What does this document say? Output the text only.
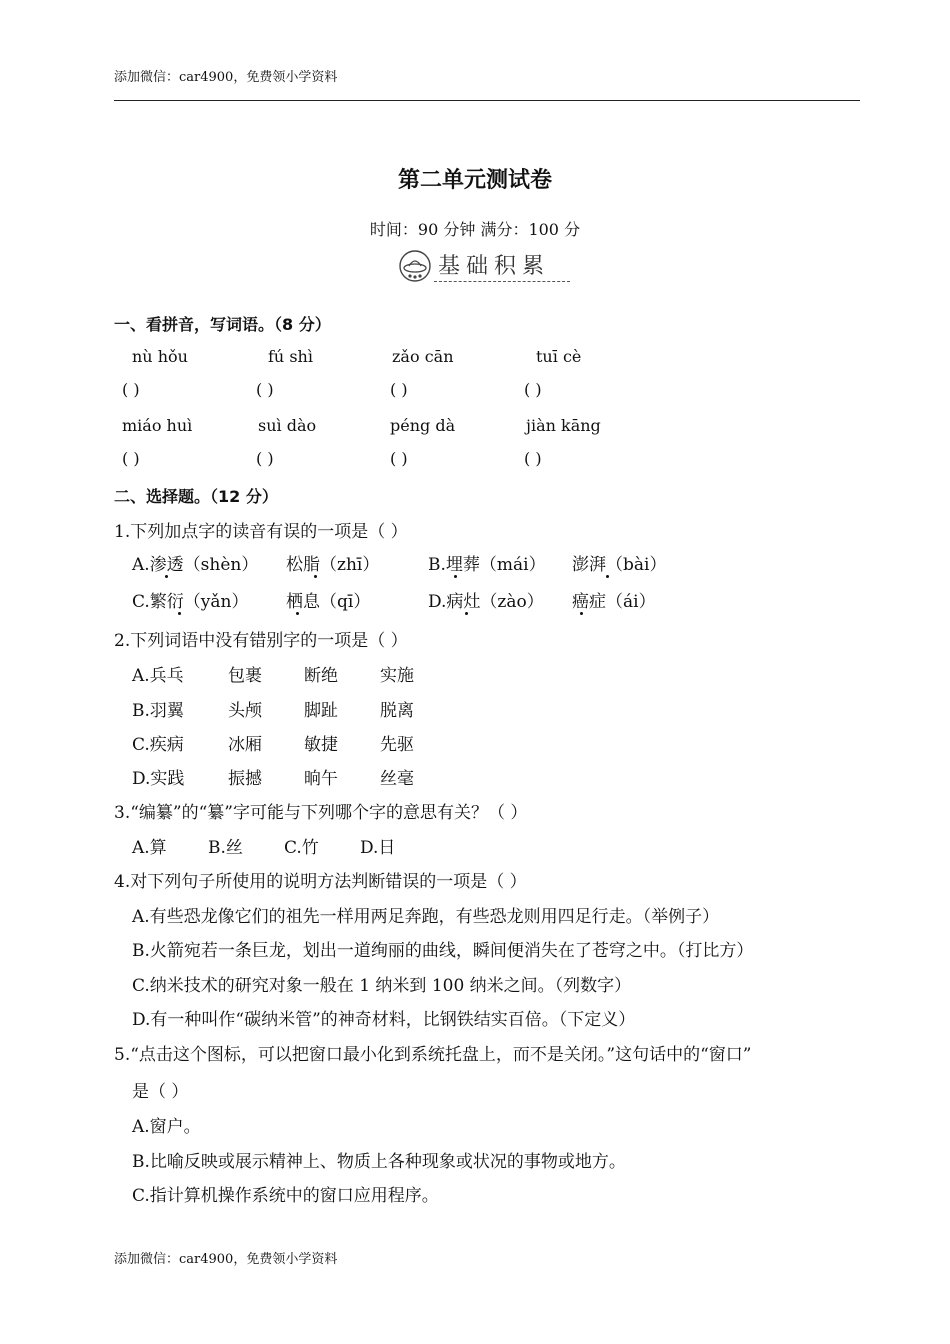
添加微信：car4900，免费领小学资料
第二单元测试卷
时间：90 分钟 满分：100 分
基础积累
一、看拼音，写词语。（8 分）
nù hǒu	fú shì	zǎo cān	tuī cè
( )	( )	( )	( )
miáo huì	suì dào	péng dà	jiàn kāng
( )	( )	( )	( )
二、选择题。（12 分）
1.下列加点字的读音有误的一项是（ ）
A.渗透（shèn） 松脂（zhī）	B.埋葬（mái） 澎湃（bài）
C.繁衍（yǎn） 栖息（qī）	D.病灶（zào） 癌症（ái）
2.下列词语中没有错别字的一项是（ ）
A.兵乓	包裹 断绝 实施
B.羽翼	头颅 脚趾 脱离
C.疾病	冰厢 敏捷 先驱
D.实践	振撼 晌午 丝毫
3.“编纂”的“纂”字可能与下列哪个字的意思有关？（ ）
A.算 B.丝 C.竹 D.日
4.对下列句子所使用的说明方法判断错误的一项是（ ）
A.有些恐龙像它们的祖先一样用两足奔跑，有些恐龙则用四足行走。（举例子）
B.火箭宛若一条巨龙，划出一道绚丽的曲线，瞬间便消失在了苍穹之中。（打比方）
C.纳米技术的研究对象一般在 1 纳米到 100 纳米之间。（列数字）
D.有一种叫作“碳纳米管”的神奇材料，比钢铁结实百倍。（下定义）
5.“点击这个图标，可以把窗口最小化到系统托盘上，而不是关闭。”这句话中的“窗口”
是（ ）
A.窗户。
B.比喻反映或展示精神上、物质上各种现象或状况的事物或地方。
C.指计算机操作系统中的窗口应用程序。
添加微信：car4900，免费领小学资料
